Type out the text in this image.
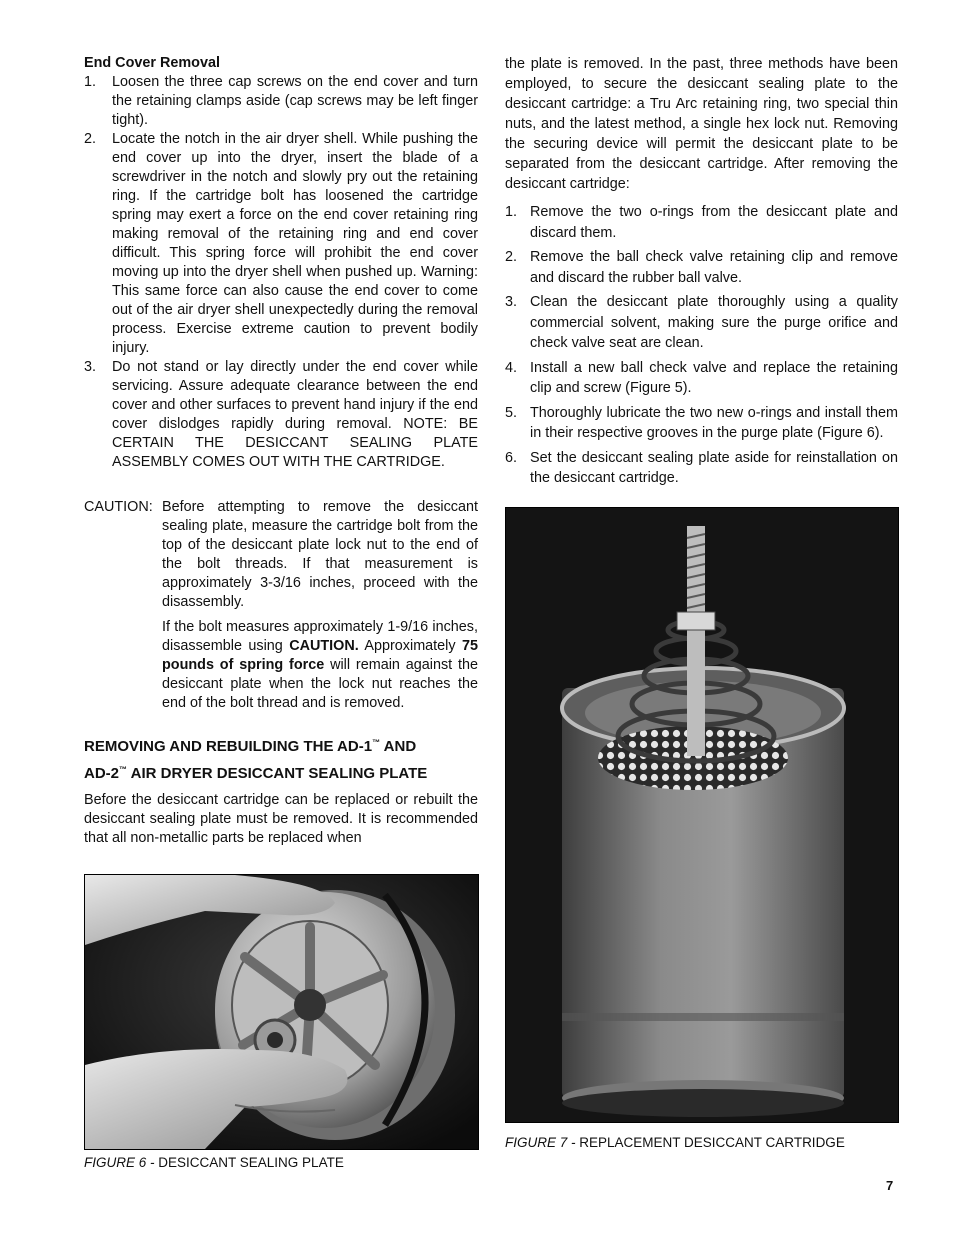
End Cover Removal

1. Loosen the three cap screws on the end cover and turn the retaining clamps aside (cap screws may be left finger tight).
2. Locate the notch in the air dryer shell. While pushing the end cover up into the dryer, insert the blade of a screwdriver in the notch and slowly pry out the retaining ring. If the cartridge bolt has loosened the cartridge spring may exert a force on the end cover retaining ring making removal of the retaining ring and end cover difficult. This spring force will prohibit the end cover moving up into the dryer shell when pushed up. Warning: This same force can also cause the end cover to come out of the air dryer shell unexpectedly during the removal process. Exercise extreme caution to prevent bodily injury.
3. Do not stand or lay directly under the end cover while servicing. Assure adequate clearance between the end cover and other surfaces to prevent hand injury if the end cover dislodges rapidly during removal. NOTE: BE CERTAIN THE DESICCANT SEALING PLATE ASSEMBLY COMES OUT WITH THE CARTRIDGE.
CAUTION: Before attempting to remove the desiccant sealing plate, measure the cartridge bolt from the top of the desiccant plate lock nut to the end of the bolt threads. If that measurement is approximately 3-3/16 inches, proceed with the disassembly.

If the bolt measures approximately 1-9/16 inches, disassemble using CAUTION. Approximately 75 pounds of spring force will remain against the desiccant plate when the lock nut reaches the end of the bolt thread and is removed.

REMOVING AND REBUILDING THE AD-1™ AND
AD-2™ AIR DRYER DESICCANT SEALING PLATE

Before the desiccant cartridge can be replaced or rebuilt the desiccant sealing plate must be removed. It is recommended that all non-metallic parts be replaced when

the plate is removed. In the past, three methods have been employed, to secure the desiccant sealing plate to the desiccant cartridge: a Tru Arc retaining ring, two special thin nuts, and the latest method, a single hex lock nut. Removing the securing device will permit the desiccant plate to be separated from the desiccant cartridge. After removing the desiccant cartridge:

1. Remove the two o-rings from the desiccant plate and discard them.
2. Remove the ball check valve retaining clip and remove and discard the rubber ball valve.
3. Clean the desiccant plate thoroughly using a quality commercial solvent, making sure the purge orifice and check valve seat are clean.
4. Install a new ball check valve and replace the retaining clip and screw (Figure 5).
5. Thoroughly lubricate the two new o-rings and install them in their respective grooves in the purge plate (Figure 6).
6. Set the desiccant sealing plate aside for reinstallation on the desiccant cartridge.
FIGURE 6 - DESICCANT SEALING PLATE
FIGURE 7 - REPLACEMENT DESICCANT CARTRIDGE
7
